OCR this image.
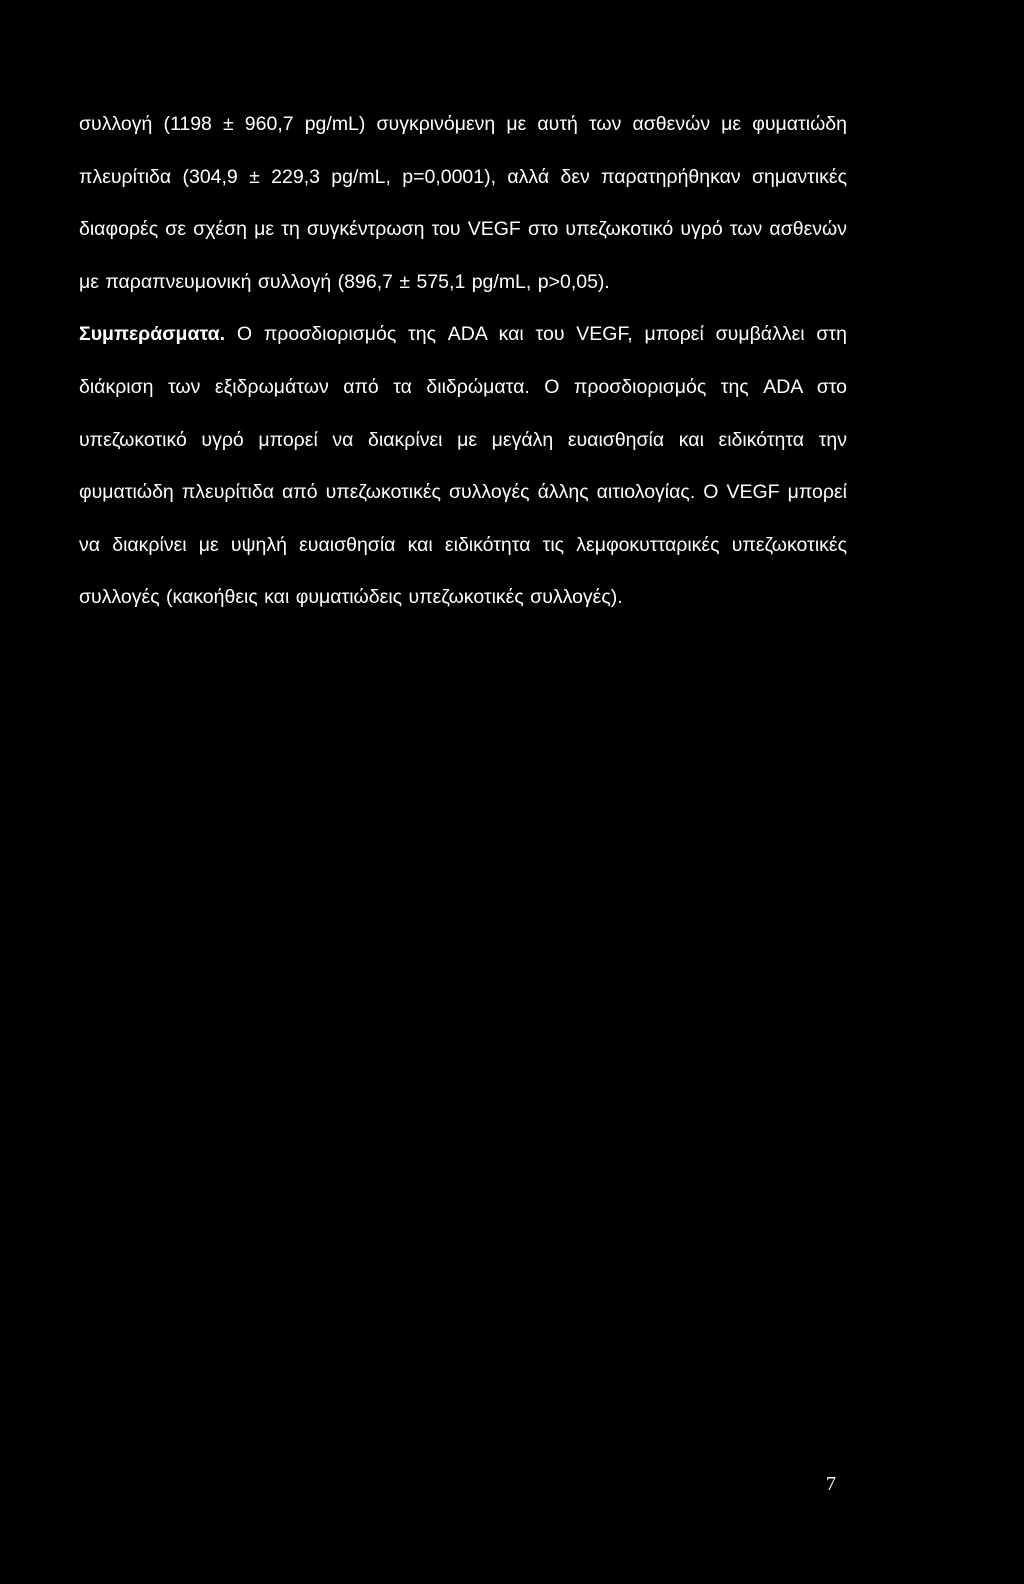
συλλογή (1198 ± 960,7 pg/mL) συγκρινόμενη με αυτή των ασθενών με φυματιώδη πλευρίτιδα (304,9 ± 229,3 pg/mL, p=0,0001), αλλά δεν παρατηρήθηκαν σημαντικές διαφορές σε σχέση με τη συγκέντρωση του VEGF στο υπεζωκοτικό υγρό των ασθενών με παραπνευμονική συλλογή (896,7 ± 575,1 pg/mL, p>0,05).

Συμπεράσματα. Ο προσδιορισμός της ADA και του VEGF, μπορεί συμβάλλει στη διάκριση των εξιδρωμάτων από τα διιδρώματα. Ο προσδιορισμός της ADA στο υπεζωκοτικό υγρό μπορεί να διακρίνει με μεγάλη ευαισθησία και ειδικότητα την φυματιώδη πλευρίτιδα από υπεζωκοτικές συλλογές άλλης αιτιολογίας. Ο VEGF μπορεί να διακρίνει με υψηλή ευαισθησία και ειδικότητα τις λεμφοκυτταρικές υπεζωκοτικές συλλογές (κακοήθεις και φυματιώδεις υπεζωκοτικές συλλογές).

7
